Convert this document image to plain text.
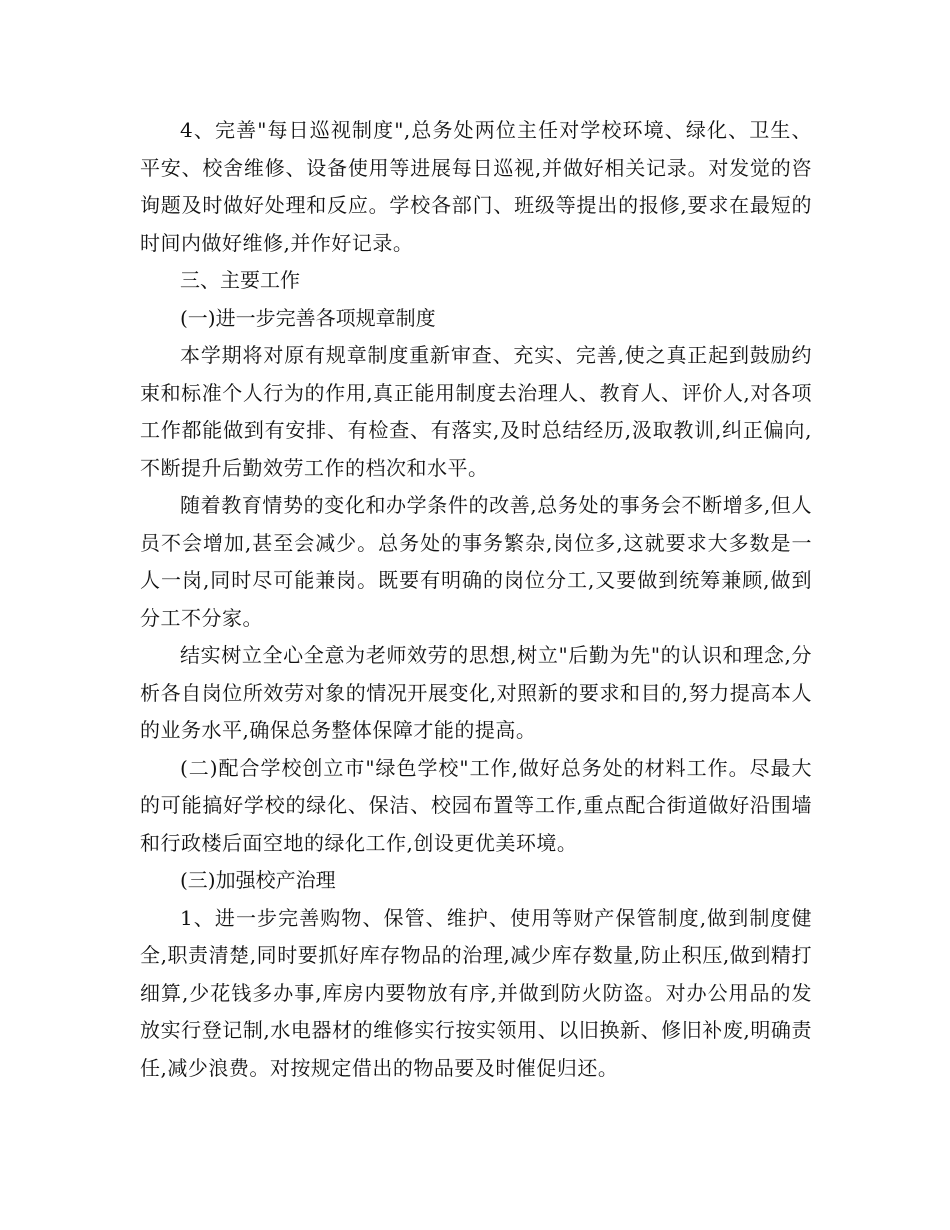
4、完善"每日巡视制度",总务处两位主任对学校环境、绿化、卫生、平安、校舍维修、设备使用等进展每日巡视,并做好相关记录。对发觉的咨询题及时做好处理和反应。学校各部门、班级等提出的报修,要求在最短的时间内做好维修,并作好记录。

三、主要工作

(一)进一步完善各项规章制度

本学期将对原有规章制度重新审查、充实、完善,使之真正起到鼓励约束和标准个人行为的作用,真正能用制度去治理人、教育人、评价人,对各项工作都能做到有安排、有检查、有落实,及时总结经历,汲取教训,纠正偏向,不断提升后勤效劳工作的档次和水平。

随着教育情势的变化和办学条件的改善,总务处的事务会不断增多,但人员不会增加,甚至会减少。总务处的事务繁杂,岗位多,这就要求大多数是一人一岗,同时尽可能兼岗。既要有明确的岗位分工,又要做到统筹兼顾,做到分工不分家。

结实树立全心全意为老师效劳的思想,树立"后勤为先"的认识和理念,分析各自岗位所效劳对象的情况开展变化,对照新的要求和目的,努力提高本人的业务水平,确保总务整体保障才能的提高。

(二)配合学校创立市"绿色学校"工作,做好总务处的材料工作。尽最大的可能搞好学校的绿化、保洁、校园布置等工作,重点配合街道做好沿围墙和行政楼后面空地的绿化工作,创设更优美环境。

(三)加强校产治理

1、进一步完善购物、保管、维护、使用等财产保管制度,做到制度健全,职责清楚,同时要抓好库存物品的治理,减少库存数量,防止积压,做到精打细算,少花钱多办事,库房内要物放有序,并做到防火防盗。对办公用品的发放实行登记制,水电器材的维修实行按实领用、以旧换新、修旧补废,明确责任,减少浪费。对按规定借出的物品要及时催促归还。
